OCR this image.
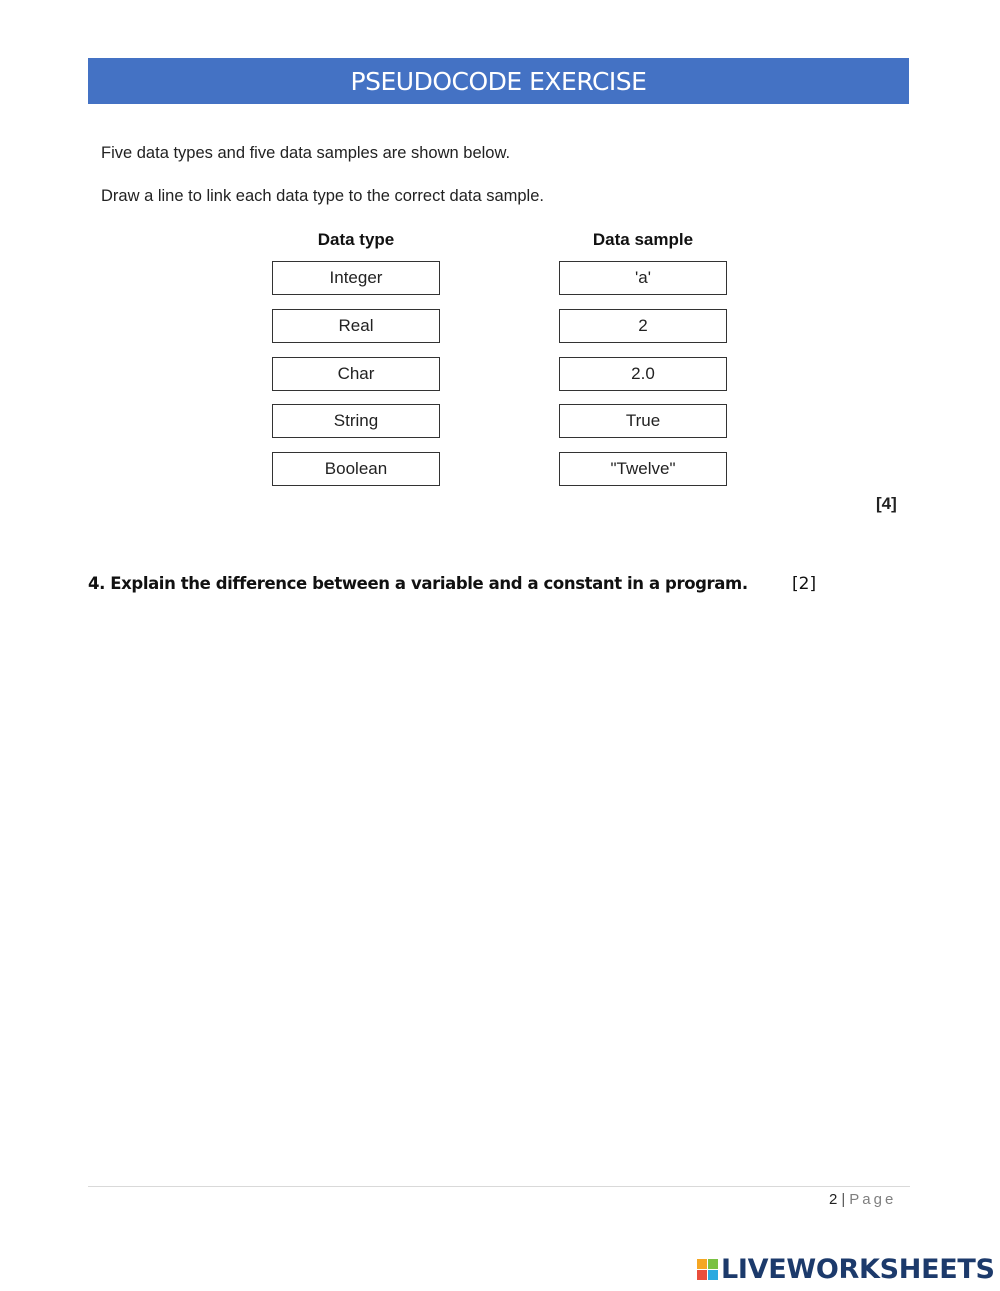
PSEUDOCODE EXERCISE
Five data types and five data samples are shown below.
Draw a line to link each data type to the correct data sample.
Data type	Data sample
Integer
Real
Char
String
Boolean
'a'
2
2.0
True
"Twelve"
[4]
4. Explain the difference between a variable and a constant in a program.	[2]
2 | Page
LIVEWORKSHEETS
